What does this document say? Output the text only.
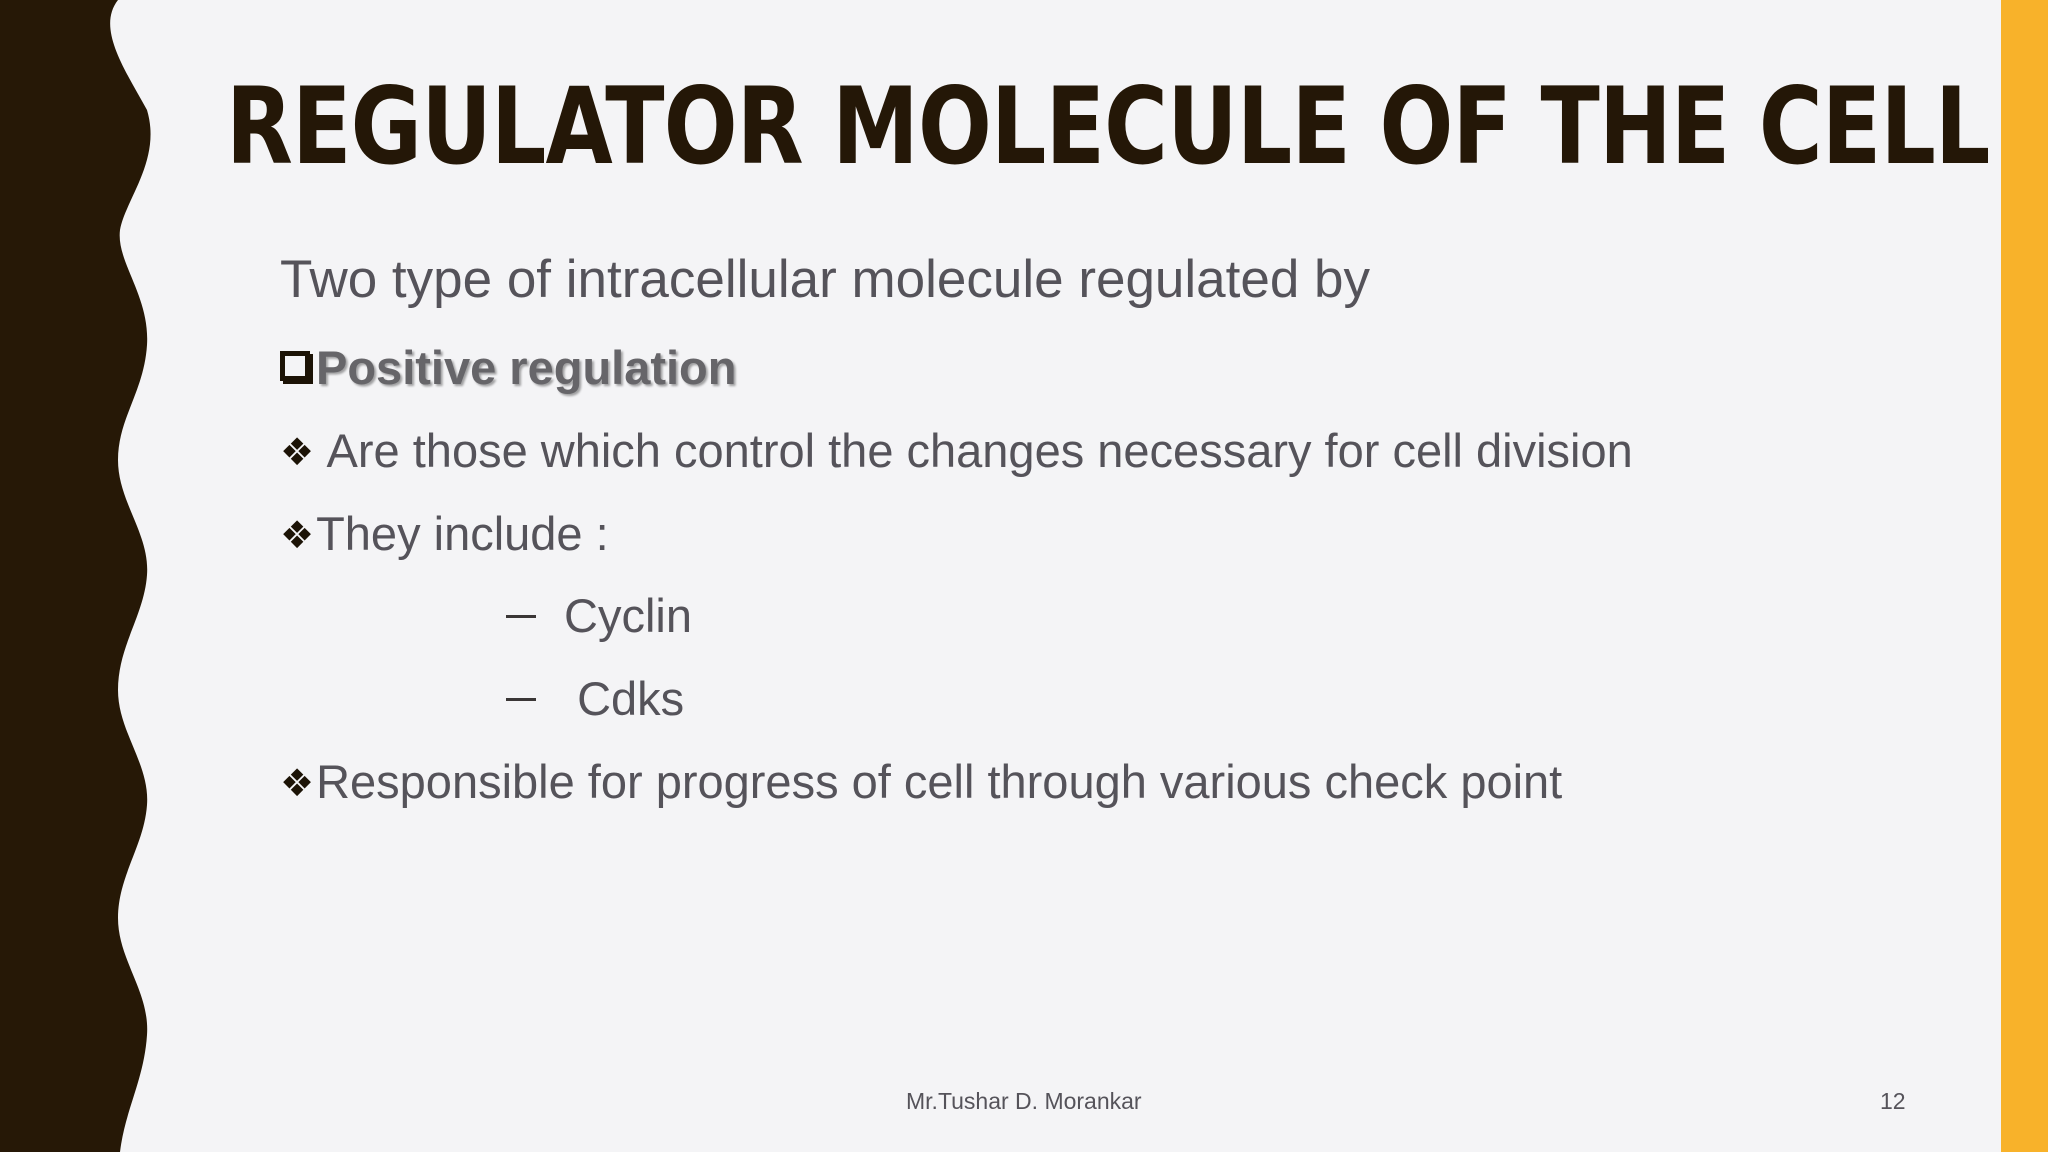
REGULATOR MOLECULE OF THE CELL
Two type of intracellular molecule regulated by
Positive regulation
❖ Are those which control the changes necessary for cell division
❖They include :
Cyclin
Cdks
❖Responsible for progress of cell through various check point
Mr.Tushar D. Morankar	12
